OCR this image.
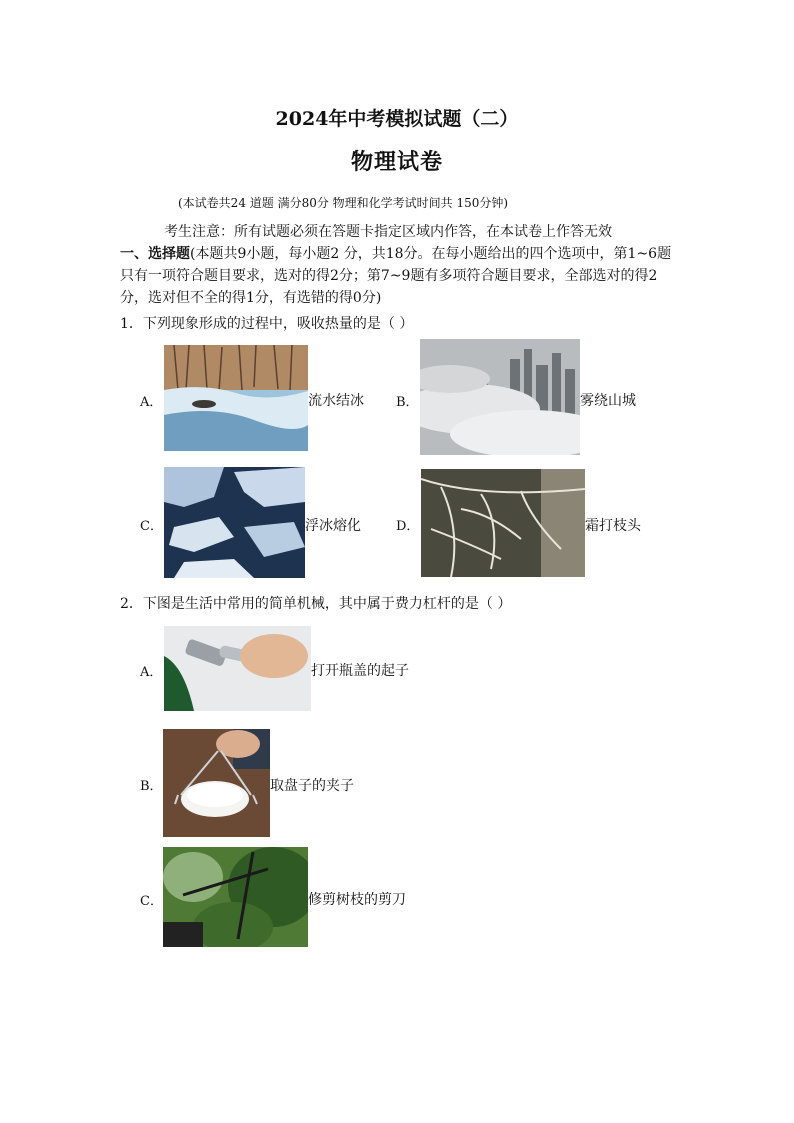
2024年中考模拟试题（二）
物理试卷
(本试卷共24 道题 满分80分 物理和化学考试时间共 150分钟)
考生注意：所有试题必须在答题卡指定区域内作答，在本试卷上作答无效
一、选择题(本题共9小题，每小题2 分，共18分。在每小题给出的四个选项中，第1~6题只有一项符合题目要求，选对的得2分；第7~9题有多项符合题目要求，全部选对的得2分，选对但不全的得1分，有选错的得0分)
1．下列现象形成的过程中，吸收热量的是（ ）
A．	流水结冰 B．	雾绕山城
C．	浮冰熔化	D．	霜打枝头
2．下图是生活中常用的简单机械，其中属于费力杠杆的是（ ）
A．	打开瓶盖的起子
B．	取盘子的夹子
C．	修剪树枝的剪刀
